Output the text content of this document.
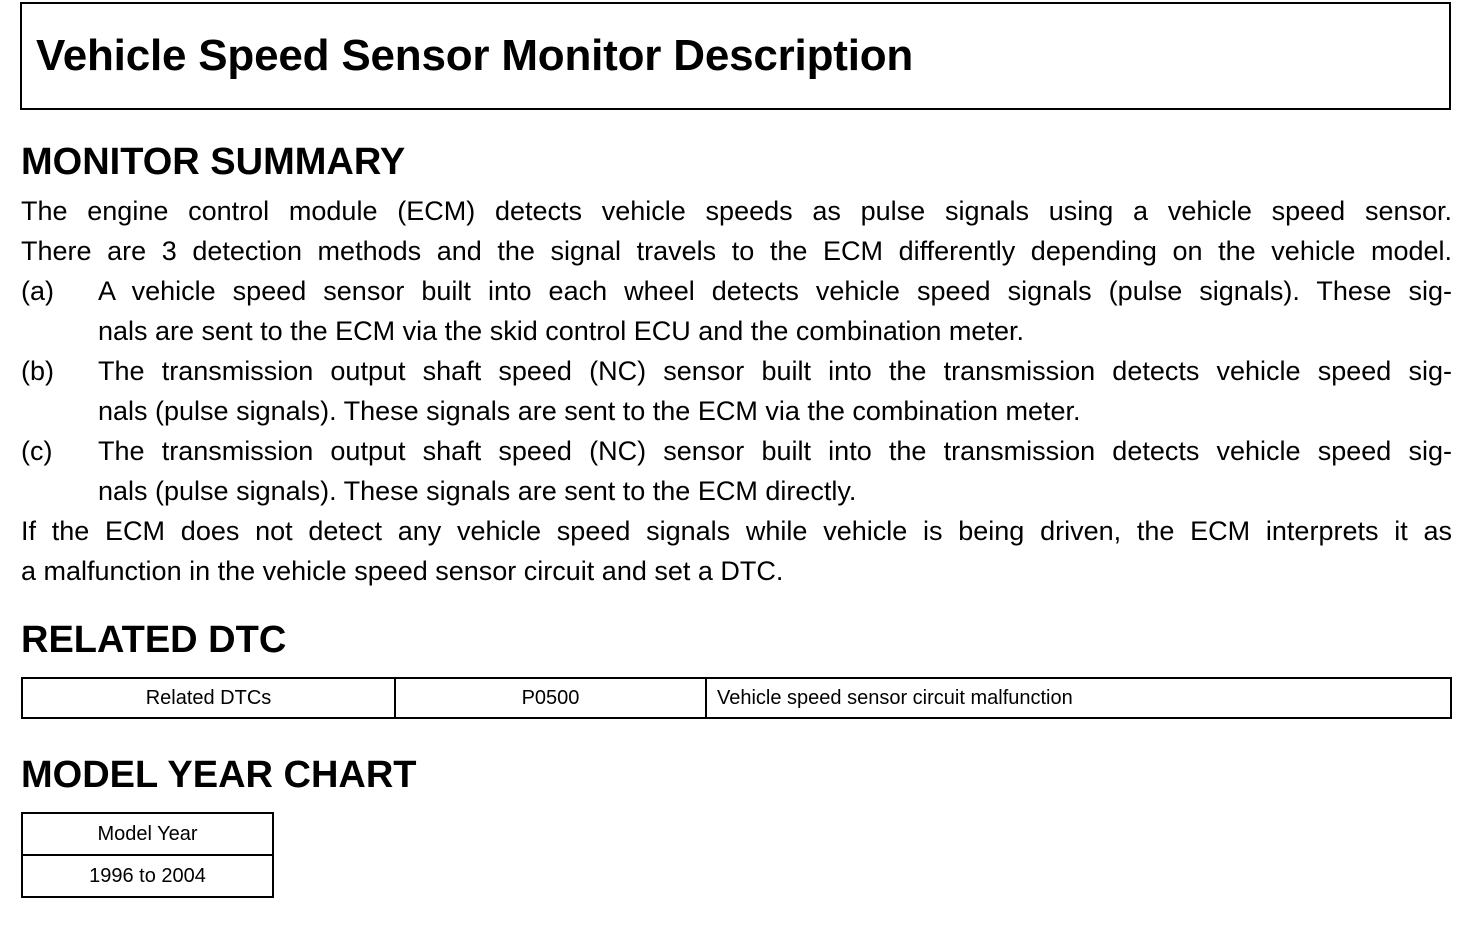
Vehicle Speed Sensor Monitor Description
MONITOR SUMMARY

The engine control module (ECM) detects vehicle speeds as pulse signals using a vehicle speed sensor.

There are 3 detection methods and the signal travels to the ECM differently depending on the vehicle model.

(a)	A vehicle speed sensor built into each wheel detects vehicle speed signals (pulse signals). These sig-
nals are sent to the ECM via the skid control ECU and the combination meter.
(b)	The transmission output shaft speed (NC) sensor built into the transmission detects vehicle speed sig-
nals (pulse signals). These signals are sent to the ECM via the combination meter.
(c)	The transmission output shaft speed (NC) sensor built into the transmission detects vehicle speed sig-
nals (pulse signals). These signals are sent to the ECM directly.

If the ECM does not detect any vehicle speed signals while vehicle is being driven, the ECM interprets it as

a malfunction in the vehicle speed sensor circuit and set a DTC.

RELATED DTC
Related DTCs	P0500	Vehicle speed sensor circuit malfunction
MODEL YEAR CHART
Model Year
1996 to 2004
